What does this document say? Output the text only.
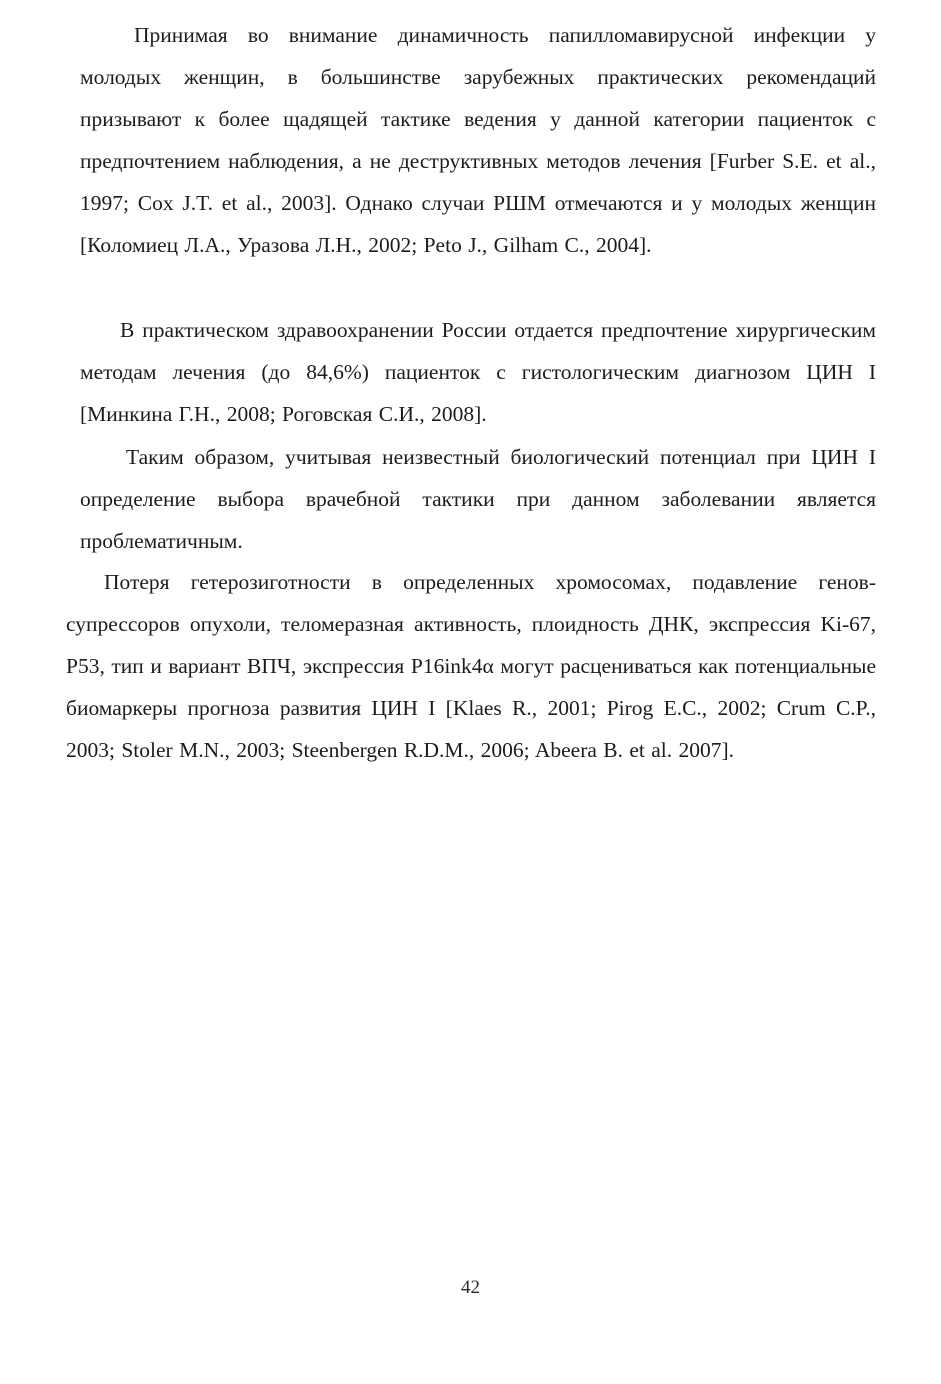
Принимая во внимание динамичность папилломавирусной инфекции у молодых женщин, в большинстве зарубежных практических рекомендаций призывают к более щадящей тактике ведения у данной категории пациенток с предпочтением наблюдения, а не деструктивных методов лечения [Furber S.E. et al., 1997; Cox J.T. et al., 2003]. Однако случаи РШМ отмечаются и у молодых женщин [Коломиец Л.А., Уразова Л.Н., 2002; Peto J., Gilham C., 2004].

В практическом здравоохранении России отдается предпочтение хирургическим методам лечения (до 84,6%) пациенток с гистологическим диагнозом ЦИН I [Минкина Г.Н., 2008; Роговская С.И., 2008].

Таким образом, учитывая неизвестный биологический потенциал при ЦИН I определение выбора врачебной тактики при данном заболевании является проблематичным.

Потеря гетерозиготности в определенных хромосомах, подавление генов-супрессоров опухоли, теломеразная активность, плоидность ДНК, экспрессия Ki-67, P53, тип и вариант ВПЧ, экспрессия P16ink4α могут расцениваться как потенциальные биомаркеры прогноза развития ЦИН I [Klaes R., 2001; Pirog E.C., 2002; Crum C.P., 2003; Stoler M.N., 2003; Steenbergen R.D.M., 2006; Abeera B. et al. 2007].

42
